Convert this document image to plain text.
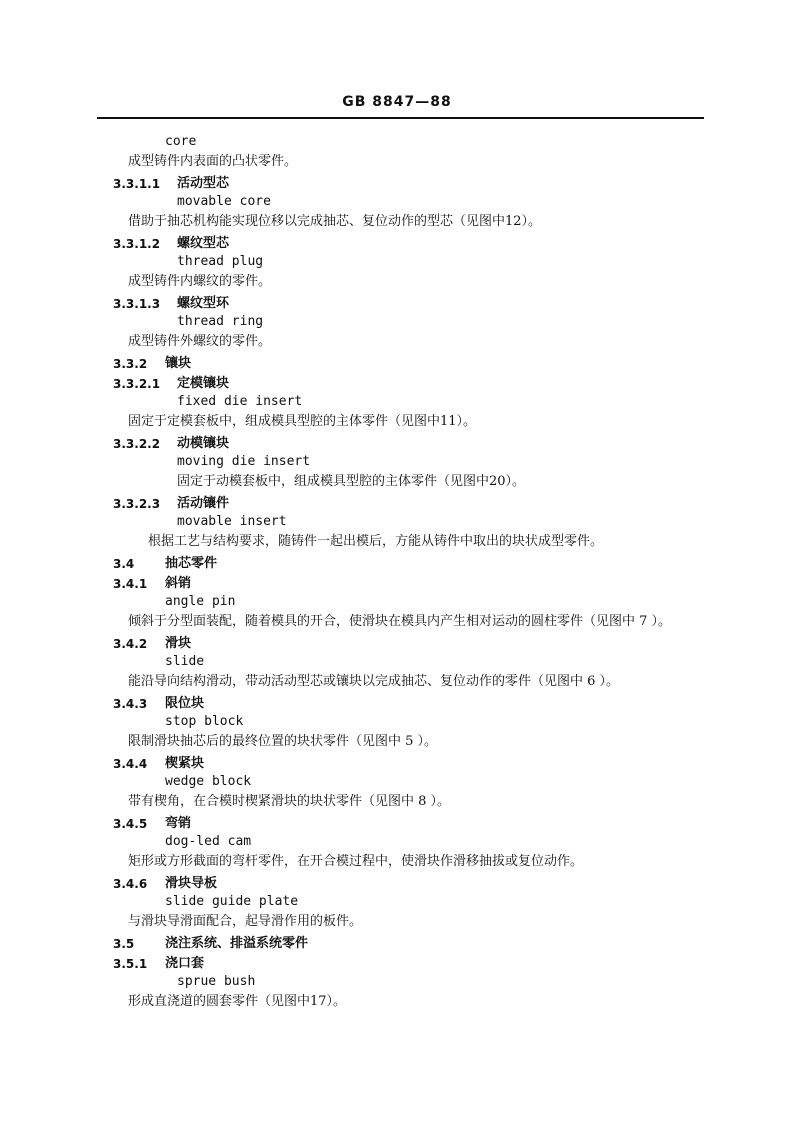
GB 8847—88
core
成型铸件内表面的凸状零件。
3.3.1.1 活动型芯
movable core
借助于抽芯机构能实现位移以完成抽芯、复位动作的型芯（见图中12）。
3.3.1.2 螺纹型芯
thread plug
成型铸件内螺纹的零件。
3.3.1.3 螺纹型环
thread ring
成型铸件外螺纹的零件。
3.3.2 镶块
3.3.2.1 定模镶块
fixed die insert
固定于定模套板中，组成模具型腔的主体零件（见图中11）。
3.3.2.2 动模镶块
moving die insert
固定于动模套板中，组成模具型腔的主体零件（见图中20）。
3.3.2.3 活动镶件
movable insert
根据工艺与结构要求，随铸件一起出模后，方能从铸件中取出的块状成型零件。
3.4 抽芯零件
3.4.1 斜销
angle pin
倾斜于分型面装配，随着模具的开合，使滑块在模具内产生相对运动的圆柱零件（见图中 7 ）。
3.4.2 滑块
slide
能沿导向结构滑动，带动活动型芯或镶块以完成抽芯、复位动作的零件（见图中 6 ）。
3.4.3 限位块
stop block
限制滑块抽芯后的最终位置的块状零件（见图中 5 ）。
3.4.4 楔紧块
wedge block
带有楔角，在合模时楔紧滑块的块状零件（见图中 8 ）。
3.4.5 弯销
dog-led cam
矩形或方形截面的弯杆零件，在开合模过程中，使滑块作滑移抽拔或复位动作。
3.4.6 滑块导板
slide guide plate
与滑块导滑面配合，起导滑作用的板件。
3.5 浇注系统、排溢系统零件
3.5.1 浇口套
sprue bush
形成直浇道的圆套零件（见图中17）。
